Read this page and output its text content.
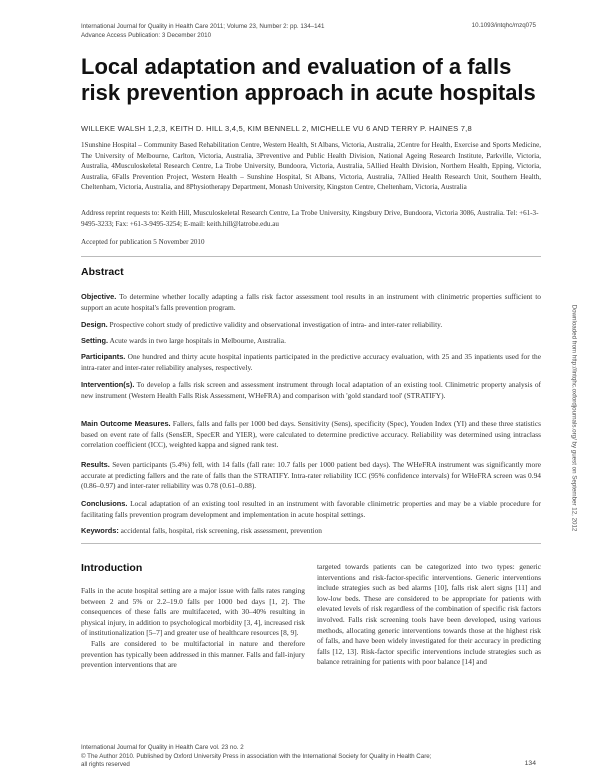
International Journal for Quality in Health Care 2011; Volume 23, Number 2: pp. 134–141
Advance Access Publication: 3 December 2010
10.1093/intqhc/mzq075
Local adaptation and evaluation of a falls risk prevention approach in acute hospitals
WILLEKE WALSH 1,2,3, KEITH D. HILL 3,4,5, KIM BENNELL 2, MICHELLE VU 6 AND TERRY P. HAINES 7,8
1Sunshine Hospital – Community Based Rehabilitation Centre, Western Health, St Albans, Victoria, Australia, 2Centre for Health, Exercise and Sports Medicine, The University of Melbourne, Carlton, Victoria, Australia, 3Preventive and Public Health Division, National Ageing Research Institute, Parkville, Victoria, Australia, 4Musculoskeletal Research Centre, La Trobe University, Bundoora, Victoria, Australia, 5Allied Health Division, Northern Health, Epping, Victoria, Australia, 6Falls Prevention Project, Western Health – Sunshine Hospital, St Albans, Victoria, Australia, 7Allied Health Research Unit, Southern Health, Cheltenham, Victoria, Australia, and 8Physiotherapy Department, Monash University, Kingston Centre, Cheltenham, Victoria, Australia
Address reprint requests to: Keith Hill, Musculoskeletal Research Centre, La Trobe University, Kingsbury Drive, Bundoora, Victoria 3086, Australia. Tel: +61-3-9495-3233; Fax: +61-3-9495-3254; E-mail: keith.hill@latrobe.edu.au
Accepted for publication 5 November 2010
Downloaded from http://intqhc.oxfordjournals.org/ by guest on September 12, 2012
Abstract
Objective. To determine whether locally adapting a falls risk factor assessment tool results in an instrument with clinimetric properties sufficient to support an acute hospital's falls prevention program.
Design. Prospective cohort study of predictive validity and observational investigation of intra- and inter-rater reliability.
Setting. Acute wards in two large hospitals in Melbourne, Australia.
Participants. One hundred and thirty acute hospital inpatients participated in the predictive accuracy evaluation, with 25 and 35 inpatients used for the intra-rater and inter-rater reliability analyses, respectively.
Intervention(s). To develop a falls risk screen and assessment instrument through local adaptation of an existing tool. Clinimetric property analysis of new instrument (Western Health Falls Risk Assessment, WHeFRA) and comparison with 'gold standard tool' (STRATIFY).
Main Outcome Measures. Fallers, falls and falls per 1000 bed days. Sensitivity (Sens), specificity (Spec), Youden Index (YI) and these three statistics based on event rate of falls (SensER, SpecER and YIER), were calculated to determine predictive accuracy. Reliability was determined using intraclass correlation coefficient (ICC), weighted kappa and signed rank test.
Results. Seven participants (5.4%) fell, with 14 falls (fall rate: 10.7 falls per 1000 patient bed days). The WHeFRA instrument was significantly more accurate at predicting fallers and the rate of falls than the STRATIFY. Intra-rater reliability ICC (95% confidence intervals) for WHeFRA screen was 0.94 (0.86–0.97) and inter-rater reliability was 0.78 (0.61–0.88).
Conclusions. Local adaptation of an existing tool resulted in an instrument with favorable clinimetric properties and may be a viable procedure for facilitating falls prevention program development and implementation in acute hospital settings.
Keywords: accidental falls, hospital, risk screening, risk assessment, prevention
Introduction

Falls in the acute hospital setting are a major issue with falls rates ranging between 2 and 5% or 2.2–19.0 falls per 1000 bed days [1, 2]. The consequences of these falls are multifaceted, with 30–40% resulting in physical injury, in addition to psychological morbidity [3, 4], increased risk of institutionalization [5–7] and greater use of healthcare resources [8, 9].

Falls are considered to be multifactorial in nature and therefore prevention has typically been addressed in this manner. Falls and fall-injury prevention interventions that are

targeted towards patients can be categorized into two types: generic interventions and risk-factor-specific interventions. Generic interventions include strategies such as bed alarms [10], falls risk alert signs [11] and low-low beds. These are considered to be appropriate for patients with elevated levels of risk regardless of the combination of specific risk factors involved. Falls risk screening tools have been developed, using various methods, allocating generic interventions towards those at the highest risk of falls, and have been widely investigated for their accuracy in predicting falls [12, 13]. Risk-factor specific interventions include strategies such as balance retraining for patients with poor balance [14] and

International Journal for Quality in Health Care vol. 23 no. 2
© The Author 2010. Published by Oxford University Press in association with the International Society for Quality in Health Care;
all rights reserved	134
